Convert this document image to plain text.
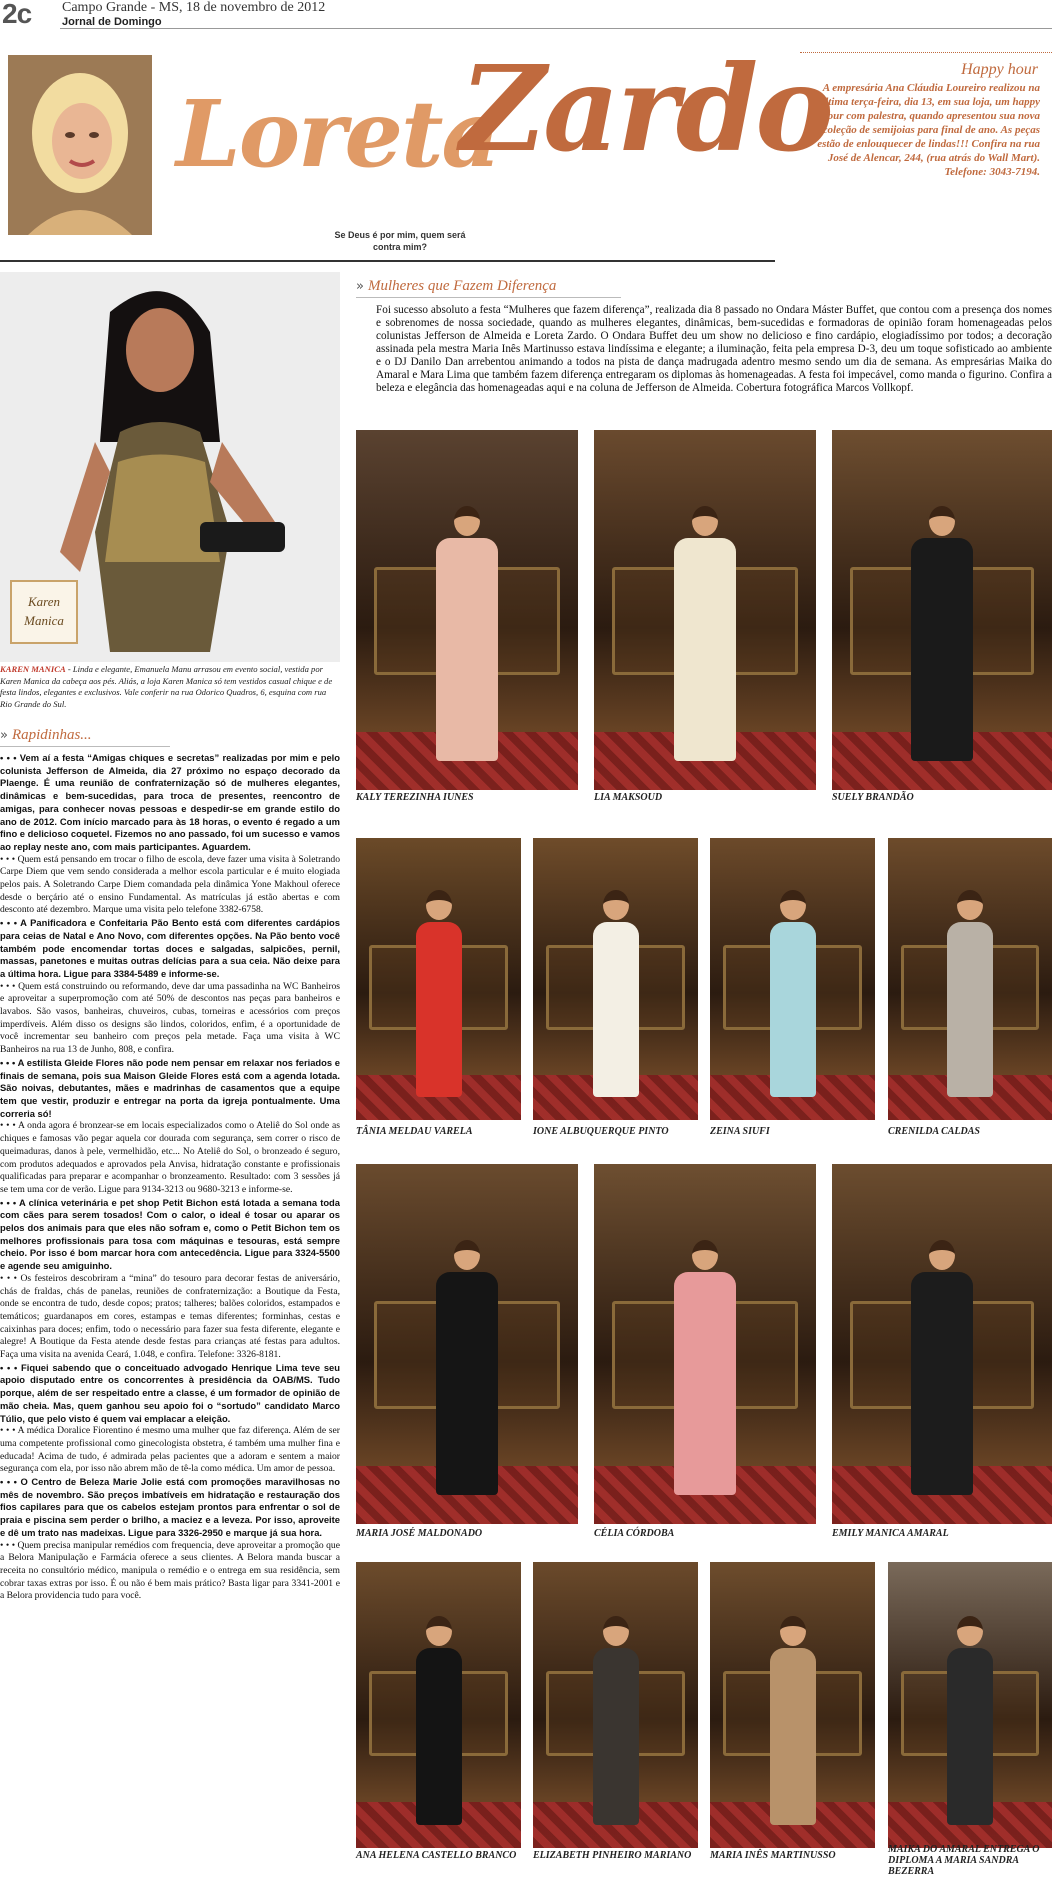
2c Campo Grande - MS, 18 de novembro de 2012
Jornal de Domingo
Loreta
Zardo
Se Deus é por mim, quem será contra mim?
Happy hour
A empresária Ana Cláudia Loureiro realizou na última terça-feira, dia 13, em sua loja, um happy hour com palestra, quando apresentou sua nova coleção de semijoias para final de ano. As peças estão de enlouquecer de lindas!!! Confira na rua José de Alencar, 244, (rua atrás do Wall Mart). Telefone: 3043-7194.
Karen Manica
KAREN MANICA - Linda e elegante, Emanuela Manu arrasou em evento social, vestida por Karen Manica da cabeça aos pés. Aliás, a loja Karen Manica só tem vestidos casual chique e de festa lindos, elegantes e exclusivos. Vale conferir na rua Odorico Quadros, 6, esquina com rua Rio Grande do Sul.
» Rapidinhas...

• • • Vem aí a festa “Amigas chiques e secretas” realizadas por mim e pelo colunista Jefferson de Almeida, dia 27 próximo no espaço decorado da Plaenge. É uma reunião de confraternização só de mulheres elegantes, dinâmicas e bem-sucedidas, para troca de presentes, reencontro de amigas, para conhecer novas pessoas e despedir-se em grande estilo do ano de 2012. Com início marcado para às 18 horas, o evento é regado a um fino e delicioso coquetel. Fizemos no ano passado, foi um sucesso e vamos ao replay neste ano, com mais participantes. Aguardem.

• • • Quem está pensando em trocar o filho de escola, deve fazer uma visita à Soletrando Carpe Diem que vem sendo considerada a melhor escola particular e é muito elogiada pelos pais. A Soletrando Carpe Diem comandada pela dinâmica Yone Makhoul oferece desde o berçário até o ensino Fundamental. As matrículas já estão abertas e com desconto até dezembro. Marque uma visita pelo telefone 3382-6758.

• • • A Panificadora e Confeitaria Pão Bento está com diferentes cardápios para ceias de Natal e Ano Novo, com diferentes opções. Na Pão bento você também pode encomendar tortas doces e salgadas, salpicões, pernil, massas, panetones e muitas outras delícias para a sua ceia. Não deixe para a última hora. Ligue para 3384-5489 e informe-se.

• • • Quem está construindo ou reformando, deve dar uma passadinha na WC Banheiros e aproveitar a superpromoção com até 50% de descontos nas peças para banheiros e lavabos. São vasos, banheiras, chuveiros, cubas, torneiras e acessórios com preços imperdíveis. Além disso os designs são lindos, coloridos, enfim, é a oportunidade de você incrementar seu banheiro com preços pela metade. Faça uma visita à WC Banheiros na rua 13 de Junho, 808, e confira.

• • • A estilista Gleide Flores não pode nem pensar em relaxar nos feriados e finais de semana, pois sua Maison Gleide Flores está com a agenda lotada. São noivas, debutantes, mães e madrinhas de casamentos que a equipe tem que vestir, produzir e entregar na porta da igreja pontualmente. Uma correria só!

• • • A onda agora é bronzear-se em locais especializados como o Ateliê do Sol onde as chiques e famosas vão pegar aquela cor dourada com segurança, sem correr o risco de queimaduras, danos à pele, vermelhidão, etc... No Ateliê do Sol, o bronzeado é seguro, com produtos adequados e aprovados pela Anvisa, hidratação constante e profissionais qualificadas para preparar e acompanhar o bronzeamento. Resultado: com 3 sessões já se tem uma cor de verão. Ligue para 9134-3213 ou 9680-3213 e informe-se.

• • • A clínica veterinária e pet shop Petit Bichon está lotada a semana toda com cães para serem tosados! Com o calor, o ideal é tosar ou aparar os pelos dos animais para que eles não sofram e, como o Petit Bichon tem os melhores profissionais para tosa com máquinas e tesouras, está sempre cheio. Por isso é bom marcar hora com antecedência. Ligue para 3324-5500 e agende seu amiguinho.

• • • Os festeiros descobriram a “mina” do tesouro para decorar festas de aniversário, chás de fraldas, chás de panelas, reuniões de confraternização: a Boutique da Festa, onde se encontra de tudo, desde copos; pratos; talheres; balões coloridos, estampados e temáticos; guardanapos em cores, estampas e temas diferentes; forminhas, cestas e caixinhas para doces; enfim, todo o necessário para fazer sua festa diferente, elegante e alegre! A Boutique da Festa atende desde festas para crianças até festas para adultos. Faça uma visita na avenida Ceará, 1.048, e confira. Telefone: 3326-8181.

• • • Fiquei sabendo que o conceituado advogado Henrique Lima teve seu apoio disputado entre os concorrentes à presidência da OAB/MS. Tudo porque, além de ser respeitado entre a classe, é um formador de opinião de mão cheia. Mas, quem ganhou seu apoio foi o “sortudo” candidato Marco Túlio, que pelo visto é quem vai emplacar a eleição.

• • • A médica Doralice Fiorentino é mesmo uma mulher que faz diferença. Além de ser uma competente profissional como ginecologista obstetra, é também uma mulher fina e educada! Acima de tudo, é admirada pelas pacientes que a adoram e sentem a maior segurança com ela, por isso não abrem mão de tê-la como médica. Um amor de pessoa.

• • • O Centro de Beleza Marie Jolie está com promoções maravilhosas no mês de novembro. São preços imbatíveis em hidratação e restauração dos fios capilares para que os cabelos estejam prontos para enfrentar o sol de praia e piscina sem perder o brilho, a maciez e a leveza. Por isso, aproveite e dê um trato nas madeixas. Ligue para 3326-2950 e marque já sua hora.

• • • Quem precisa manipular remédios com frequencia, deve aproveitar a promoção que a Belora Manipulação e Farmácia oferece a seus clientes. A Belora manda buscar a receita no consultório médico, manipula o remédio e o entrega em sua residência, sem cobrar taxas extras por isso. É ou não é bem mais prático? Basta ligar para 3341-2001 e a Belora providencia tudo para você.

» Mulheres que Fazem Diferença
Foi sucesso absoluto a festa “Mulheres que fazem diferença”, realizada dia 8 passado no Ondara Máster Buffet, que contou com a presença dos nomes e sobrenomes de nossa sociedade, quando as mulheres elegantes, dinâmicas, bem-sucedidas e formadoras de opinião foram homenageadas pelos colunistas Jefferson de Almeida e Loreta Zardo. O Ondara Buffet deu um show no delicioso e fino cardápio, elogiadíssimo por todos; a decoração assinada pela mestra Maria Inês Martinusso estava lindíssima e elegante; a iluminação, feita pela empresa D-3, deu um toque sofisticado ao ambiente e o DJ Danilo Dan arrebentou animando a todos na pista de dança madrugada adentro mesmo sendo um dia de semana. As empresárias Maika do Amaral e Mara Lima que também fazem diferença entregaram os diplomas às homenageadas. A festa foi impecável, como manda o figurino. Confira a beleza e elegância das homenageadas aqui e na coluna de Jefferson de Almeida. Cobertura fotográfica Marcos Vollkopf.
KALY TEREZINHA IUNES	LIA MAKSOUD	SUELY BRANDÃO
TÂNIA MELDAU VARELA	IONE ALBUQUERQUE PINTO	ZEINA SIUFI	CRENILDA CALDAS
MARIA JOSÉ MALDONADO	CÉLIA CÓRDOBA	EMILY MANICA AMARAL
ANA HELENA CASTELLO BRANCO	ELIZABETH PINHEIRO MARIANO	MARIA INÊS MARTINUSSO
MAIKA DO AMARAL ENTREGA O DIPLOMA A MARIA SANDRA BEZERRA
